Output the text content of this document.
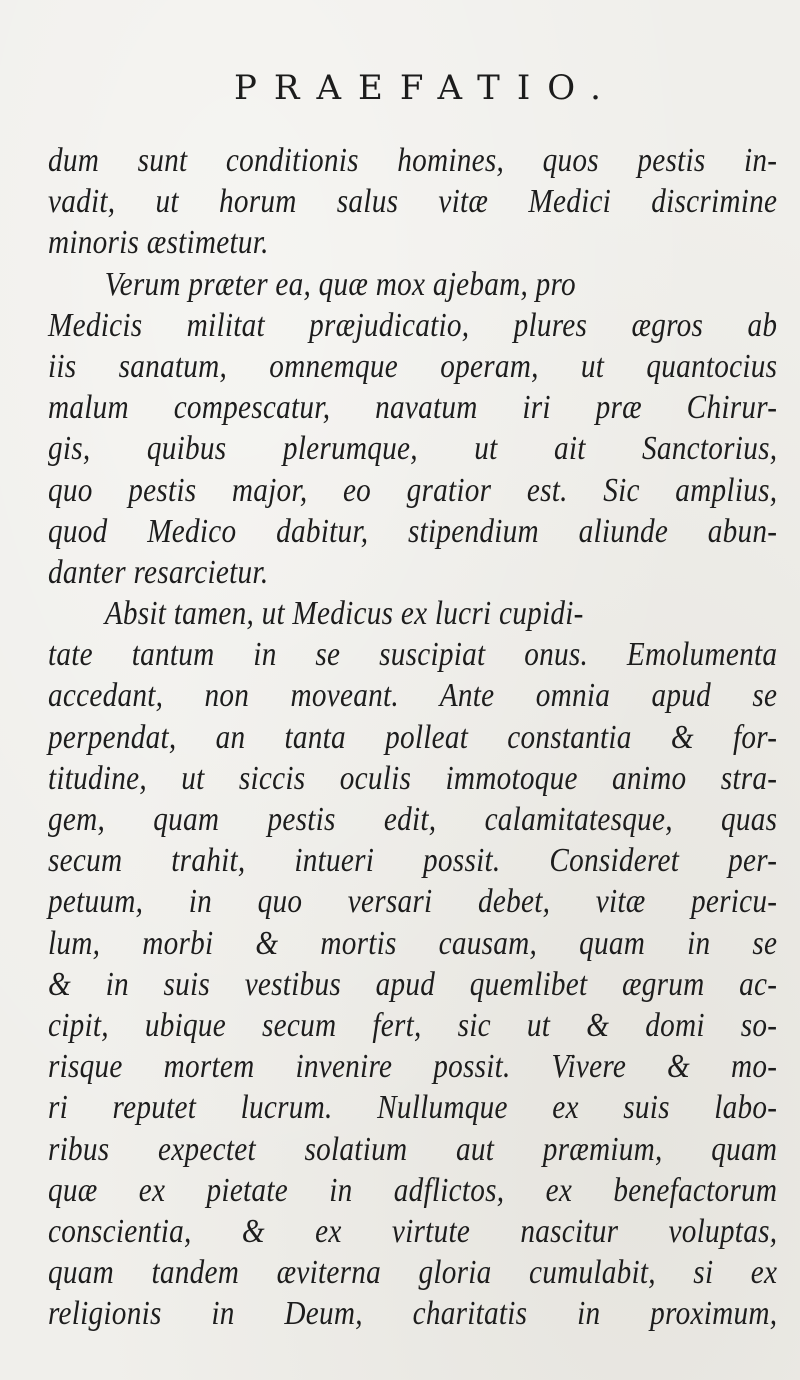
PRAEFATIO.
dum sunt conditionis homines, quos pestis in-
vadit, ut horum salus vitæ Medici discrimine
minoris æstimetur.
Verum præter ea, quæ mox ajebam, pro
Medicis militat præjudicatio, plures ægros ab
iis sanatum, omnemque operam, ut quantocius
malum compescatur, navatum iri præ Chirur-
gis, quibus plerumque, ut ait Sanctorius,
quo pestis major, eo gratior est. Sic amplius,
quod Medico dabitur, stipendium aliunde abun-
danter resarcietur.
Absit tamen, ut Medicus ex lucri cupidi-
tate tantum in se suscipiat onus. Emolumenta
accedant, non moveant. Ante omnia apud se
perpendat, an tanta polleat constantia & for-
titudine, ut siccis oculis immotoque animo stra-
gem, quam pestis edit, calamitatesque, quas
secum trahit, intueri possit. Consideret per-
petuum, in quo versari debet, vitæ pericu-
lum, morbi & mortis causam, quam in se
& in suis vestibus apud quemlibet ægrum ac-
cipit, ubique secum fert, sic ut & domi so-
risque mortem invenire possit. Vivere & mo-
ri reputet lucrum. Nullumque ex suis labo-
ribus expectet solatium aut præmium, quam
quæ ex pietate in adflictos, ex benefactorum
conscientia, & ex virtute nascitur voluptas,
quam tandem æviterna gloria cumulabit, si ex
religionis in Deum, charitatis in proximum,
